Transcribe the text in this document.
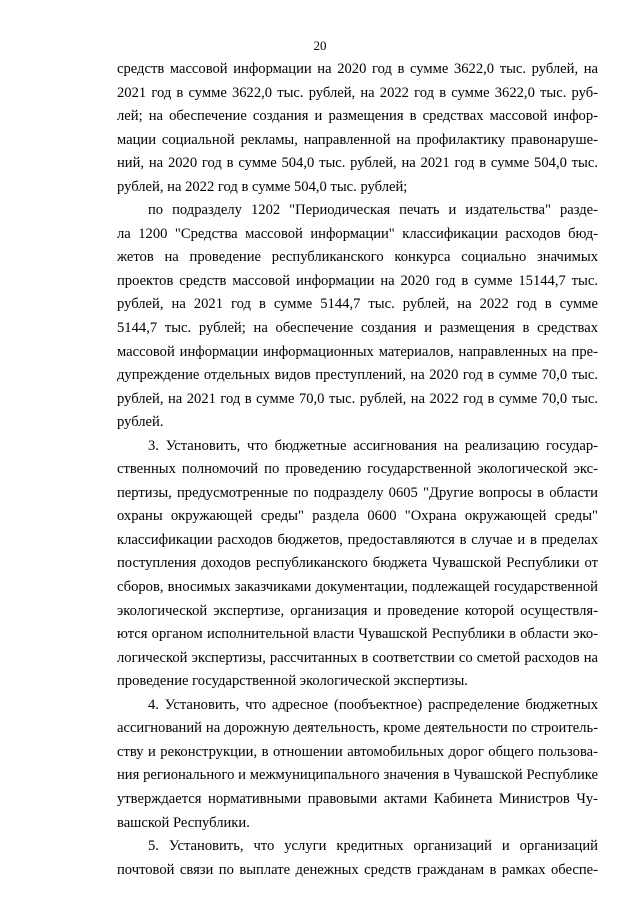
20
средств массовой информации на 2020 год в сумме 3622,0 тыс. рублей, на
2021 год в сумме 3622,0 тыс. рублей, на 2022 год в сумме 3622,0 тыс. руб-
лей; на обеспечение создания и размещения в средствах массовой инфор-
мации социальной рекламы, направленной на профилактику правонаруше-
ний, на 2020 год в сумме 504,0 тыс. рублей, на 2021 год в сумме 504,0 тыс.
рублей, на 2022 год в сумме 504,0 тыс. рублей;
по подразделу 1202 "Периодическая печать и издательства" разде-
ла 1200 "Средства массовой информации" классификации расходов бюд-
жетов на проведение республиканского конкурса социально значимых
проектов средств массовой информации на 2020 год в сумме 15144,7 тыс.
рублей, на 2021 год в сумме 5144,7 тыс. рублей, на 2022 год в сумме
5144,7 тыс. рублей; на обеспечение создания и размещения в средствах
массовой информации информационных материалов, направленных на пре-
дупреждение отдельных видов преступлений, на 2020 год в сумме 70,0 тыс.
рублей, на 2021 год в сумме 70,0 тыс. рублей, на 2022 год в сумме 70,0 тыс.
рублей.
3. Установить, что бюджетные ассигнования на реализацию государ-
ственных полномочий по проведению государственной экологической экс-
пертизы, предусмотренные по подразделу 0605 "Другие вопросы в области
охраны окружающей среды" раздела 0600 "Охрана окружающей среды"
классификации расходов бюджетов, предоставляются в случае и в пределах
поступления доходов республиканского бюджета Чувашской Республики от
сборов, вносимых заказчиками документации, подлежащей государственной
экологической экспертизе, организация и проведение которой осуществля-
ются органом исполнительной власти Чувашской Республики в области эко-
логической экспертизы, рассчитанных в соответствии со сметой расходов на
проведение государственной экологической экспертизы.
4. Установить, что адресное (пообъектное) распределение бюджетных
ассигнований на дорожную деятельность, кроме деятельности по строитель-
ству и реконструкции, в отношении автомобильных дорог общего пользова-
ния регионального и межмуниципального значения в Чувашской Республике
утверждается нормативными правовыми актами Кабинета Министров Чу-
вашской Республики.
5. Установить, что услуги кредитных организаций и организаций
почтовой связи по выплате денежных средств гражданам в рамках обеспе-
